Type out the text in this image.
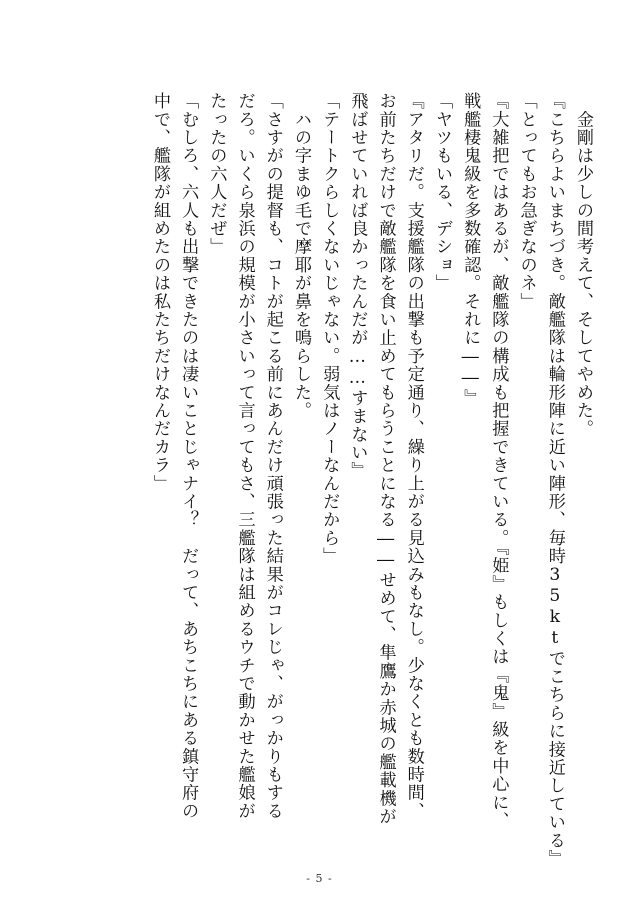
　金剛は少しの間考えて、そしてやめた。
『こちらよいまちづき。敵艦隊は輪形陣に近い陣形、毎時35ktでこちらに接近している』
「とってもお急ぎなのネ」
『大雑把ではあるが、敵艦隊の構成も把握できている。『姫』もしくは『鬼』級を中心に、
戦艦棲鬼級を多数確認。それに――』
「ヤツもいる、デショ」
『アタリだ。支援艦隊の出撃も予定通り、繰り上がる見込みもなし。少なくとも数時間、
お前たちだけで敵艦隊を食い止めてもらうことになる――せめて、隼鷹か赤城の艦載機が
飛ばせていれば良かったんだが……すまない』
「テートクらしくないじゃない。弱気はノーなんだから」
　ハの字まゆ毛で摩耶が鼻を鳴らした。
「さすがの提督も、コトが起こる前にあんだけ頑張った結果がコレじゃ、がっかりもする
だろ。いくら泉浜の規模が小さいって言ってもさ、三艦隊は組めるウチで動かせた艦娘が
たったの六人だぜ」
「むしろ、六人も出撃できたのは凄いことじゃナイ？　だって、あちこちにある鎮守府の
中で、艦隊が組めたのは私たちだけなんだカラ」
- 5 -
